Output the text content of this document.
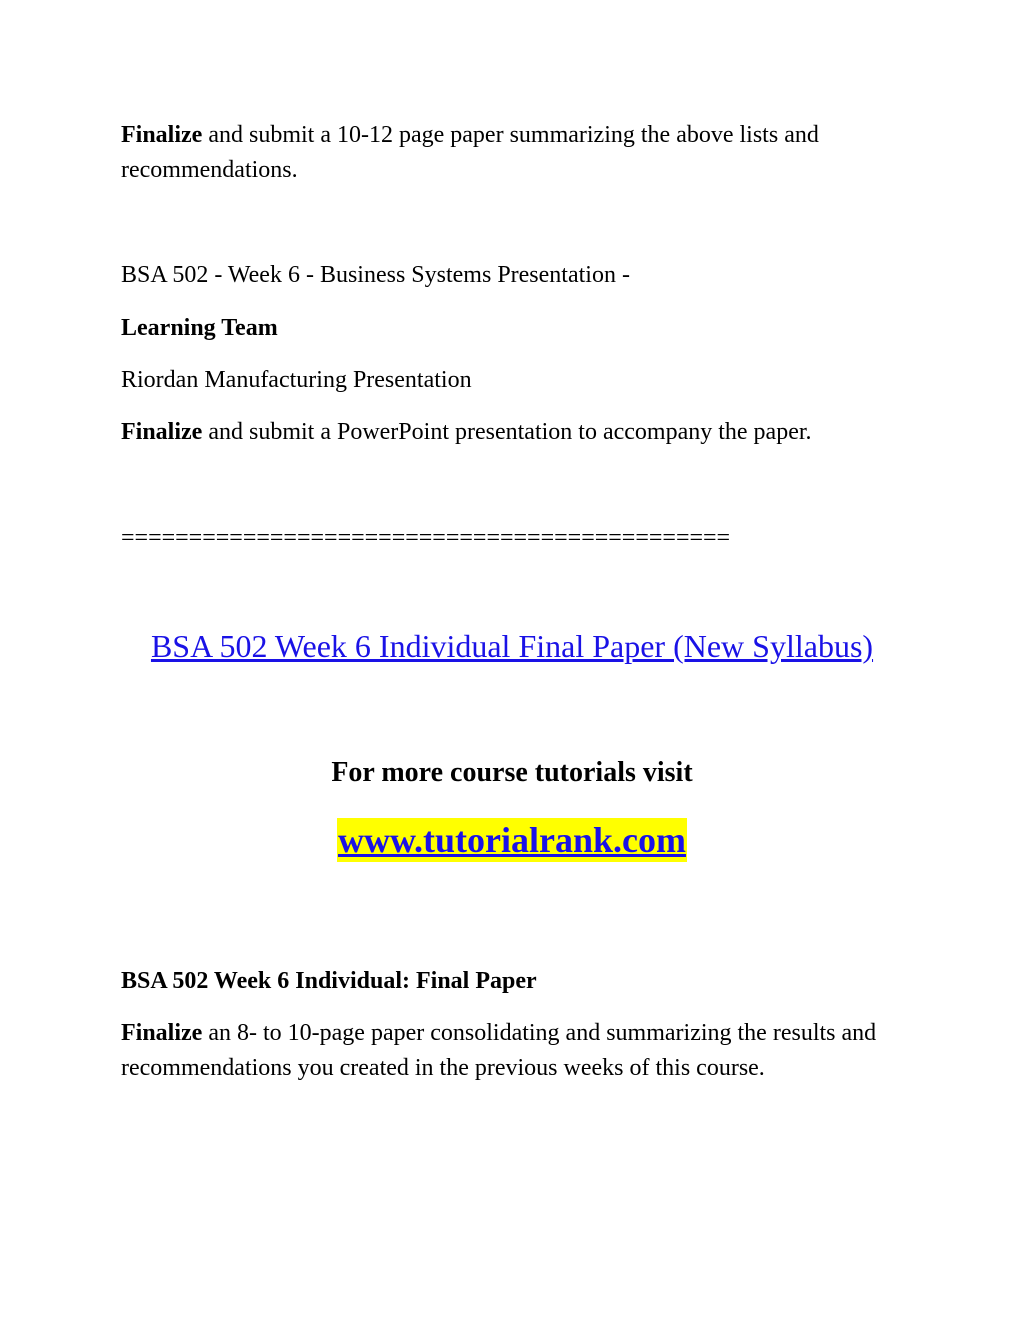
Finalize and submit a 10-12 page paper summarizing the above lists and recommendations.

BSA 502 - Week 6 - Business Systems Presentation -

Learning Team

Riordan Manufacturing Presentation

Finalize and submit a PowerPoint presentation to accompany the paper.

=============================================

BSA 502 Week 6 Individual Final Paper (New Syllabus)

For more course tutorials visit

www.tutorialrank.com

BSA 502 Week 6 Individual: Final Paper

Finalize an 8- to 10-page paper consolidating and summarizing the results and recommendations you created in the previous weeks of this course.
